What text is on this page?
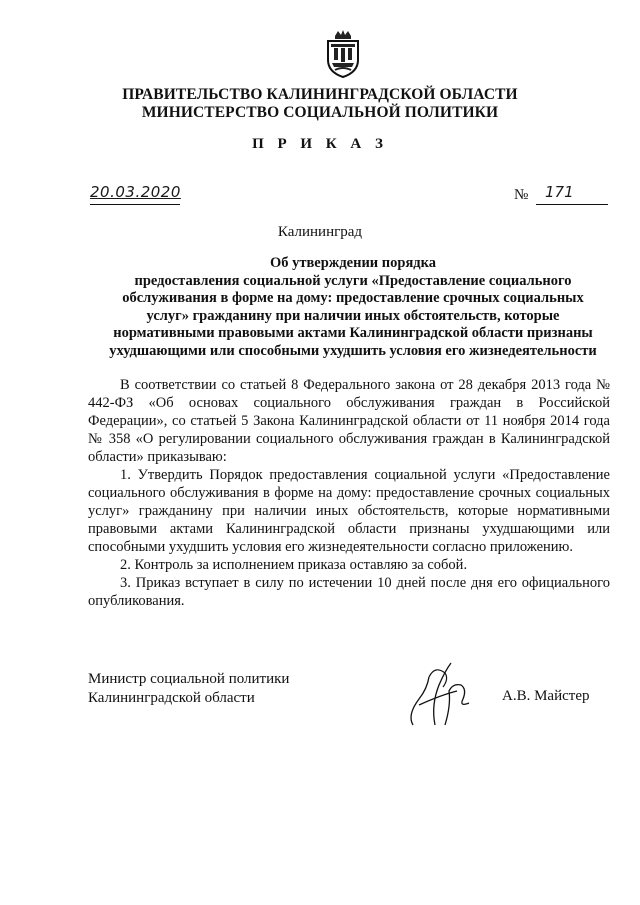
ПРАВИТЕЛЬСТВО КАЛИНИНГРАДСКОЙ ОБЛАСТИ
МИНИСТЕРСТВО СОЦИАЛЬНОЙ ПОЛИТИКИ
П Р И К А З
20.03.2020	№ 171
Калининград
Об утверждении порядка
предоставления социальной услуги «Предоставление социального
обслуживания в форме на дому: предоставление срочных социальных
услуг» гражданину при наличии иных обстоятельств, которые
нормативными правовыми актами Калининградской области признаны
ухудшающими или способными ухудшить условия его жизнедеятельности

В соответствии со статьей 8 Федерального закона от 28 декабря 2013 года № 442-ФЗ «Об основах социального обслуживания граждан в Российской Федерации», со статьей 5 Закона Калининградской области от 11 ноября 2014 года № 358 «О регулировании социального обслуживания граждан в Калининградской области» приказываю:

1. Утвердить Порядок предоставления социальной услуги «Предоставление социального обслуживания в форме на дому: предоставление срочных социальных услуг» гражданину при наличии иных обстоятельств, которые нормативными правовыми актами Калининградской области признаны ухудшающими или способными ухудшить условия его жизнедеятельности согласно приложению.

2. Контроль за исполнением приказа оставляю за собой.

3. Приказ вступает в силу по истечении 10 дней после дня его официального опубликования.

Министр социальной политики
Калининградской области	А.В. Майстер
